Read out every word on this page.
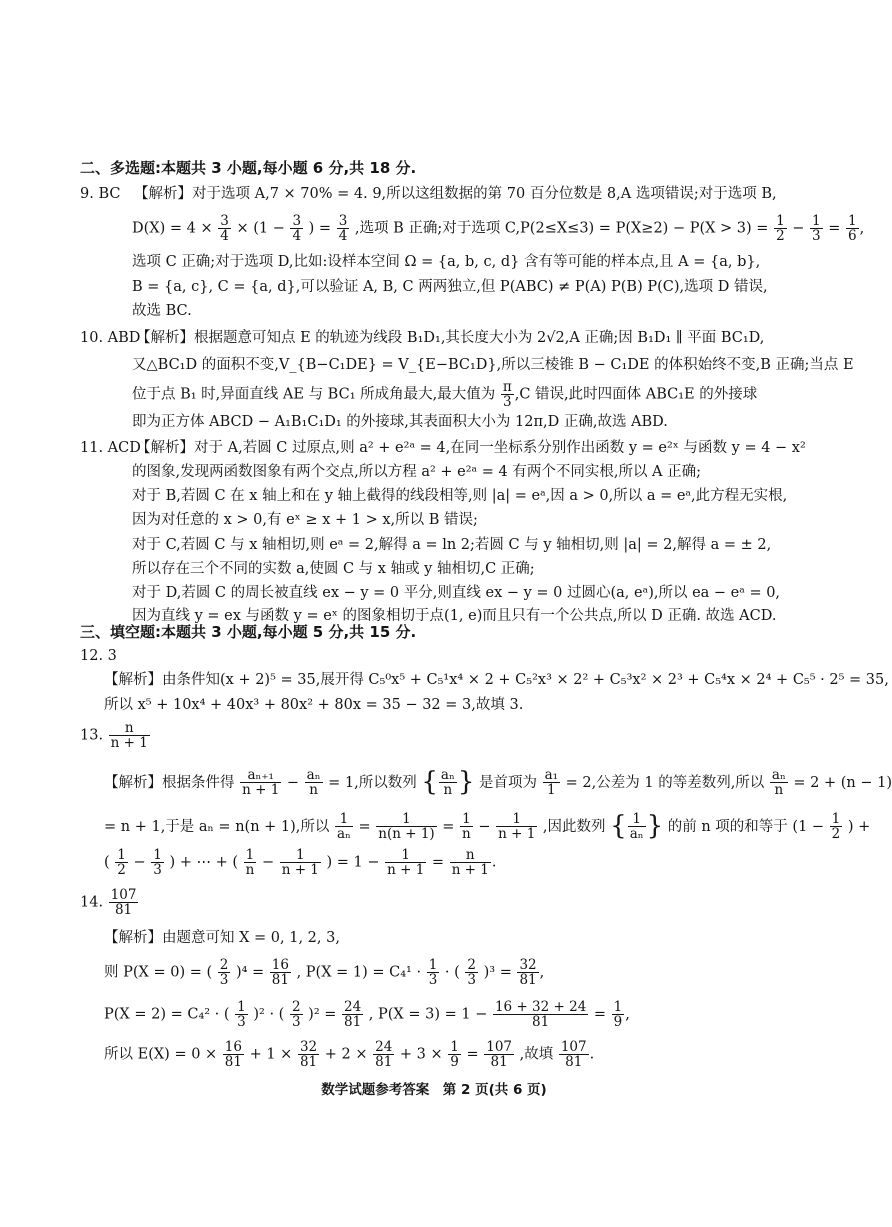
二、多选题:本题共 3 小题,每小题 6 分,共 18 分.
9. BC 【解析】对于选项 A,7 × 70% = 4. 9,所以这组数据的第 70 百分位数是 8,A 选项错误;对于选项 B,
$D(X) = 4 \times \frac{3}{4} \times (1 - \frac{3}{4}$ ) = $\frac{3}{4}$ ,选项 B 正确;对于选项 $C,P(2\le X\le 3) = P(X\ge 2) - P(X > 3) = \frac{1}{2} - \frac{1}{3} = \frac{1}{6}$ ,
选项 C 正确;对于选项 D,比如:设样本空间 Ω = {a, b, c, d} 含有等可能的样本点,且 A = {a, b},
B = {a, c}, C = {a, d},可以验证 A, B, C 两两独立,但 P(ABC) ≠ P(A) P(B) P(C),选项 D 错误,
故选 BC.
10. ABD【解析】根据题意可知点 E 的轨迹为线段 B₁D₁,其长度大小为 2√2,A 正确;因 B₁D₁ ∥ 平面 BC₁D,
又△BC₁D 的面积不变,V_{B−C₁DE} = V_{E−BC₁D},所以三棱锥 B − C₁DE 的体积始终不变,B 正确;当点 E
位于点 B₁ 时,异面直线 AE 与 BC₁ 所成角最大,最大值为 $\frac{\pi}{3} ,C$ 错误,此时四面体 ABC₁E 的外接球
即为正方体 ABCD − A₁B₁C₁D₁ 的外接球,其表面积大小为 12π,D 正确,故选 ABD.
11. ACD【解析】对于 A,若圆 C 过原点,则 a² + e²ᵃ = 4,在同一坐标系分别作出函数 y = e²ˣ 与函数 y = 4 − x²
的图象,发现两函数图象有两个交点,所以方程 a² + e²ᵃ = 4 有两个不同实根,所以 A 正确;
对于 B,若圆 C 在 x 轴上和在 y 轴上截得的线段相等,则 |a| = eᵃ,因 a > 0,所以 a = eᵃ,此方程无实根,
因为对任意的 x > 0,有 eˣ ≥ x + 1 > x,所以 B 错误;
对于 C,若圆 C 与 x 轴相切,则 eᵃ = 2,解得 a = ln 2;若圆 C 与 y 轴相切,则 |a| = 2,解得 a = ± 2,
所以存在三个不同的实数 a,使圆 C 与 x 轴或 y 轴相切,C 正确;
对于 D,若圆 C 的周长被直线 ex − y = 0 平分,则直线 ex − y = 0 过圆心(a, eᵃ),所以 ea − eᵃ = 0,
因为直线 y = ex 与函数 y = eˣ 的图象相切于点(1, e)而且只有一个公共点,所以 D 正确. 故选 ACD.
三、填空题:本题共 3 小题,每小题 5 分,共 15 分.
12. 3
【解析】由条件知(x + 2)⁵ = 35,展开得 C₅⁰x⁵ + C₅¹x⁴ × 2 + C₅²x³ × 2² + C₅³x² × 2³ + C₅⁴x × 2⁴ + C₅⁵ · 2⁵ = 35,
所以 x⁵ + 10x⁴ + 40x³ + 80x² + 80x = 35 − 32 = 3,故填 3.
13. $\frac{n}{n + 1}$
【解析】根据条件得 $\frac{\text{aₙ₊₁}}{n + 1} - \frac{\text{aₙ}}{n} = 1$,所以数列 { $\frac{\text{aₙ}}{n}$ } 是首项为 $\frac{\text{a₁}}{1} = 2$,公差为 1 的等差数列,所以 $\frac{\text{aₙ}}{n} = 2 + (n - 1)$
= n + 1,于是 aₙ = n(n + 1),所以 $\frac{1}{\text{aₙ}} = \frac{1}{n(n + 1)} = \frac{1}{n} - \frac{1}{n + 1}$ ,因此数列 { $\frac{1}{\text{aₙ}}$ } 的前 n 项的和等于 ($1 - \frac{1}{2}$ ) +
( $\frac{1}{2} - \frac{1}{3}$ ) + ⋯ + ( $\frac{1}{n} - \frac{1}{n + 1}$ ) = $1 - \frac{1}{n + 1} = \frac{n}{n + 1}$ .
14. $\frac{107}{81}$
【解析】由题意可知 X = 0, 1, 2, 3,
则 P(X = 0) = ( $\frac{2}{3} )^4 = \frac{16}{81}$ , $P(X = 1) = C_4^1 \cdot \frac{1}{3}$ · ( $\frac{2}{3} )^3 = \frac{32}{81}$ ,
P(X = 2) = C₄² · ( $\frac{1}{3} )^2$ · ( $\frac{2}{3} )^2 = \frac{24}{81}$ , $P(X = 3) = 1 - \frac{16 + 32 + 24}{81} = \frac{1}{9}$ ,
所以 $E(X) = 0 \times \frac{16}{81} + 1 \times \frac{32}{81} + 2 \times \frac{24}{81} + 3 \times \frac{1}{9} = \frac{107}{81}$ ,故填 $\frac{107}{81}$ .
数学试题参考答案　第 2 页(共 6 页)
